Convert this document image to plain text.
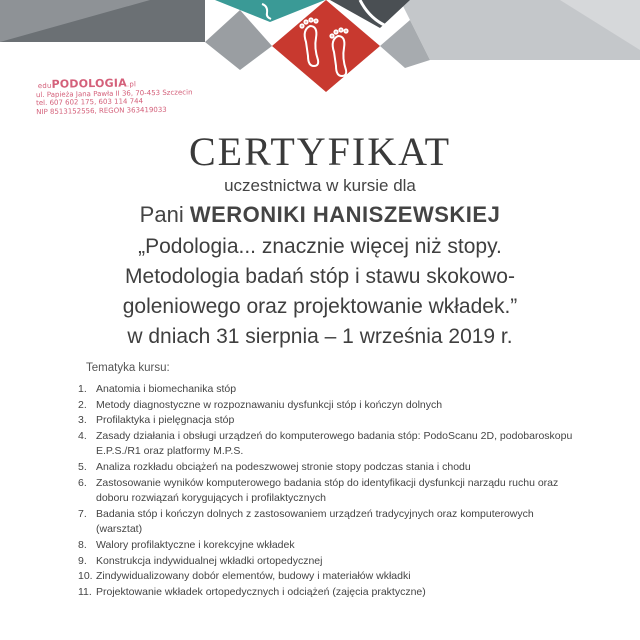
eduPODOLOGIA.pl
ul. Papieża Jana Pawła II 36, 70-453 Szczecin
tel. 607 602 175, 603 114 744
NIP 8513152556, REGON 363419033
CERTYFIKAT
uczestnictwa w kursie dla
Pani WERONIKI HANISZEWSKIEJ
„Podologia... znacznie więcej niż stopy.
Metodologia badań stóp i stawu skokowo-
goleniowego oraz projektowanie wkładek.”
w dniach 31 sierpnia – 1 września 2019 r.
Tematyka kursu:
1. Anatomia i biomechanika stóp
2. Metody diagnostyczne w rozpoznawaniu dysfunkcji stóp i kończyn dolnych
3. Profilaktyka i pielęgnacja stóp
4. Zasady działania i obsługi urządzeń do komputerowego badania stóp: PodoScanu 2D, podobaroskopu E.P.S./R1 oraz platformy M.P.S.
5. Analiza rozkładu obciążeń na podeszwowej stronie stopy podczas stania i chodu
6. Zastosowanie wyników komputerowego badania stóp do identyfikacji dysfunkcji narządu ruchu oraz doboru rozwiązań korygujących i profilaktycznych
7. Badania stóp i kończyn dolnych z zastosowaniem urządzeń tradycyjnych oraz komputerowych (warsztat)
8. Walory profilaktyczne i korekcyjne wkładek
9. Konstrukcja indywidualnej wkładki ortopedycznej
10. Zindywidualizowany dobór elementów, budowy i materiałów wkładki
11. Projektowanie wkładek ortopedycznych i odciążeń (zajęcia praktyczne)
